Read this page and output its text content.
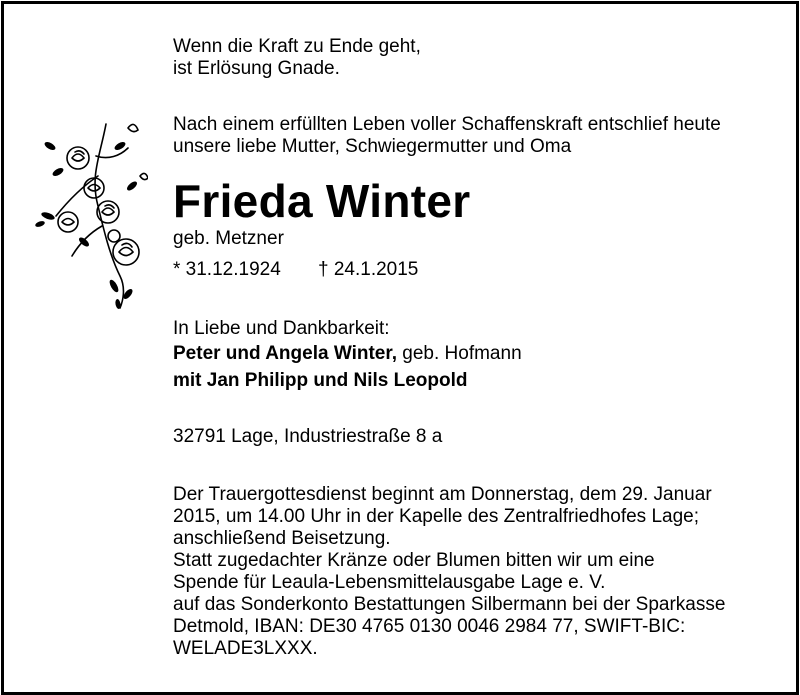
Wenn die Kraft zu Ende geht,
ist Erlösung Gnade.
Nach einem erfüllten Leben voller Schaffenskraft entschlief heute
unsere liebe Mutter, Schwiegermutter und Oma
Frieda Winter
geb. Metzner
* 31.12.1924 † 24.1.2015
In Liebe und Dankbarkeit:
Peter und Angela Winter, geb. Hofmann
mit Jan Philipp und Nils Leopold
32791 Lage, Industriestraße 8 a
Der Trauergottesdienst beginnt am Donnerstag, dem 29. Januar
2015, um 14.00 Uhr in der Kapelle des Zentralfriedhofes Lage;
anschließend Beisetzung.
Statt zugedachter Kränze oder Blumen bitten wir um eine
Spende für Leaula-Lebensmittelausgabe Lage e. V.
auf das Sonderkonto Bestattungen Silbermann bei der Sparkasse
Detmold, IBAN: DE30 4765 0130 0046 2984 77, SWIFT-BIC:
WELADE3LXXX.
